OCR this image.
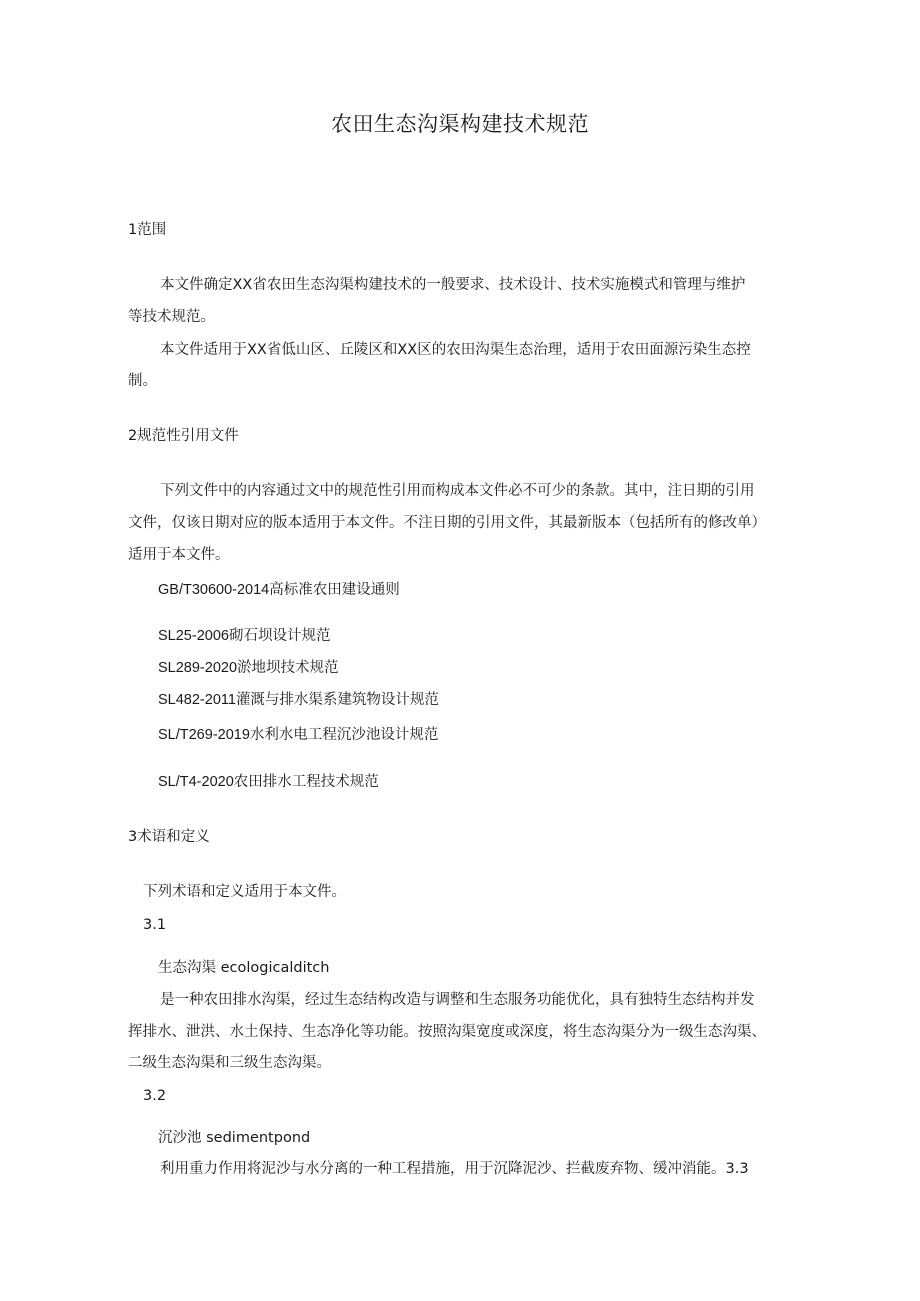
农田生态沟渠构建技术规范

1范围

本文件确定XX省农田生态沟渠构建技术的一般要求、技术设计、技术实施模式和管理与维护

等技术规范。

本文件适用于XX省低山区、丘陵区和XX区的农田沟渠生态治理，适用于农田面源污染生态控

制。

2规范性引用文件

下列文件中的内容通过文中的规范性引用而构成本文件必不可少的条款。其中，注日期的引用

文件，仅该日期对应的版本适用于本文件。不注日期的引用文件，其最新版本（包括所有的修改单）

适用于本文件。

GB/T30600-2014高标准农田建设通则

SL25-2006砌石坝设计规范

SL289-2020淤地坝技术规范

SL482-2011灌溉与排水渠系建筑物设计规范

SL/T269-2019水利水电工程沉沙池设计规范

SL/T4-2020农田排水工程技术规范

3术语和定义

下列术语和定义适用于本文件。

3.1

生态沟渠 ecologicalditch

是一种农田排水沟渠，经过生态结构改造与调整和生态服务功能优化，具有独特生态结构并发

挥排水、泄洪、水土保持、生态净化等功能。按照沟渠宽度或深度，将生态沟渠分为一级生态沟渠、

二级生态沟渠和三级生态沟渠。

3.2

沉沙池 sedimentpond

利用重力作用将泥沙与水分离的一种工程措施，用于沉降泥沙、拦截废弃物、缓冲消能。3.3
